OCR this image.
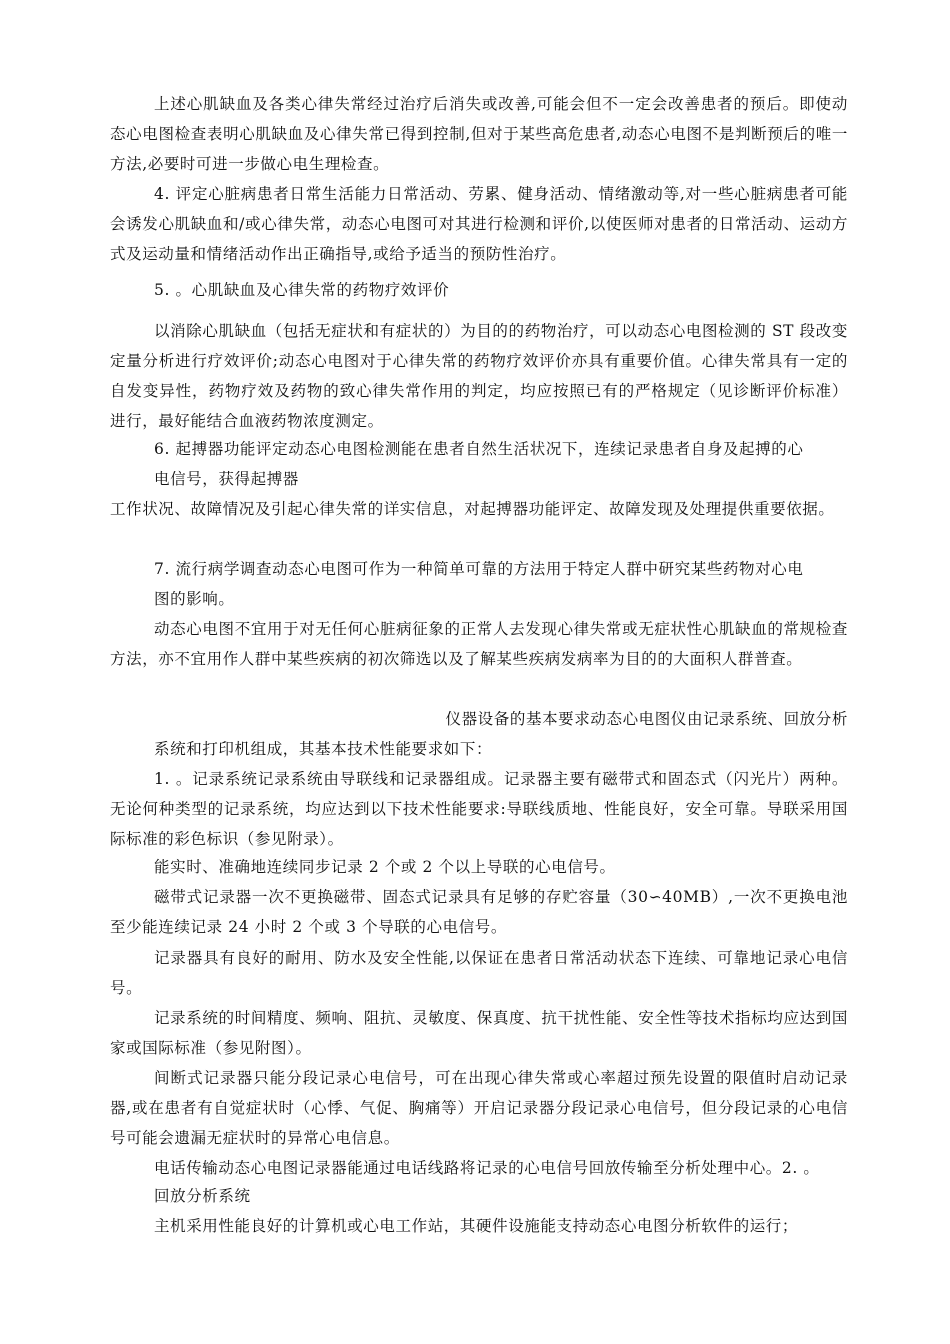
上述心肌缺血及各类心律失常经过治疗后消失或改善,可能会但不一定会改善患者的预后。即使动态心电图检查表明心肌缺血及心律失常已得到控制,但对于某些高危患者,动态心电图不是判断预后的唯一方法,必要时可进一步做心电生理检查。

4. 评定心脏病患者日常生活能力日常活动、劳累、健身活动、情绪激动等,对一些心脏病患者可能会诱发心肌缺血和/或心律失常，动态心电图可对其进行检测和评价,以使医师对患者的日常活动、运动方式及运动量和情绪活动作出正确指导,或给予适当的预防性治疗。

5. 。心肌缺血及心律失常的药物疗效评价

以消除心肌缺血（包括无症状和有症状的）为目的的药物治疗，可以动态心电图检测的 ST 段改变定量分析进行疗效评价;动态心电图对于心律失常的药物疗效评价亦具有重要价值。心律失常具有一定的自发变异性，药物疗效及药物的致心律失常作用的判定，均应按照已有的严格规定（见诊断评价标准）进行，最好能结合血液药物浓度测定。

6. 起搏器功能评定动态心电图检测能在患者自然生活状况下，连续记录患者自身及起搏的心

电信号，获得起搏器

工作状况、故障情况及引起心律失常的详实信息，对起搏器功能评定、故障发现及处理提供重要依据。

7. 流行病学调查动态心电图可作为一种简单可靠的方法用于特定人群中研究某些药物对心电

图的影响。

动态心电图不宜用于对无任何心脏病征象的正常人去发现心律失常或无症状性心肌缺血的常规检查方法，亦不宜用作人群中某些疾病的初次筛选以及了解某些疾病发病率为目的的大面积人群普查。

仪器设备的基本要求动态心电图仪由记录系统、回放分析

系统和打印机组成，其基本技术性能要求如下：

1. 。记录系统记录系统由导联线和记录器组成。记录器主要有磁带式和固态式（闪光片）两种。无论何种类型的记录系统，均应达到以下技术性能要求:导联线质地、性能良好，安全可靠。导联采用国际标准的彩色标识（参见附录）。

能实时、准确地连续同步记录 2 个或 2 个以上导联的心电信号。

磁带式记录器一次不更换磁带、固态式记录具有足够的存贮容量（30∽40MB）,一次不更换电池至少能连续记录 24 小时 2 个或 3 个导联的心电信号。

记录器具有良好的耐用、防水及安全性能,以保证在患者日常活动状态下连续、可靠地记录心电信号。

记录系统的时间精度、频响、阻抗、灵敏度、保真度、抗干扰性能、安全性等技术指标均应达到国家或国际标准（参见附图）。

间断式记录器只能分段记录心电信号，可在出现心律失常或心率超过预先设置的限值时启动记录器,或在患者有自觉症状时（心悸、气促、胸痛等）开启记录器分段记录心电信号，但分段记录的心电信号可能会遗漏无症状时的异常心电信息。

电话传输动态心电图记录器能通过电话线路将记录的心电信号回放传输至分析处理中心。2. 。

回放分析系统

主机采用性能良好的计算机或心电工作站，其硬件设施能支持动态心电图分析软件的运行；
